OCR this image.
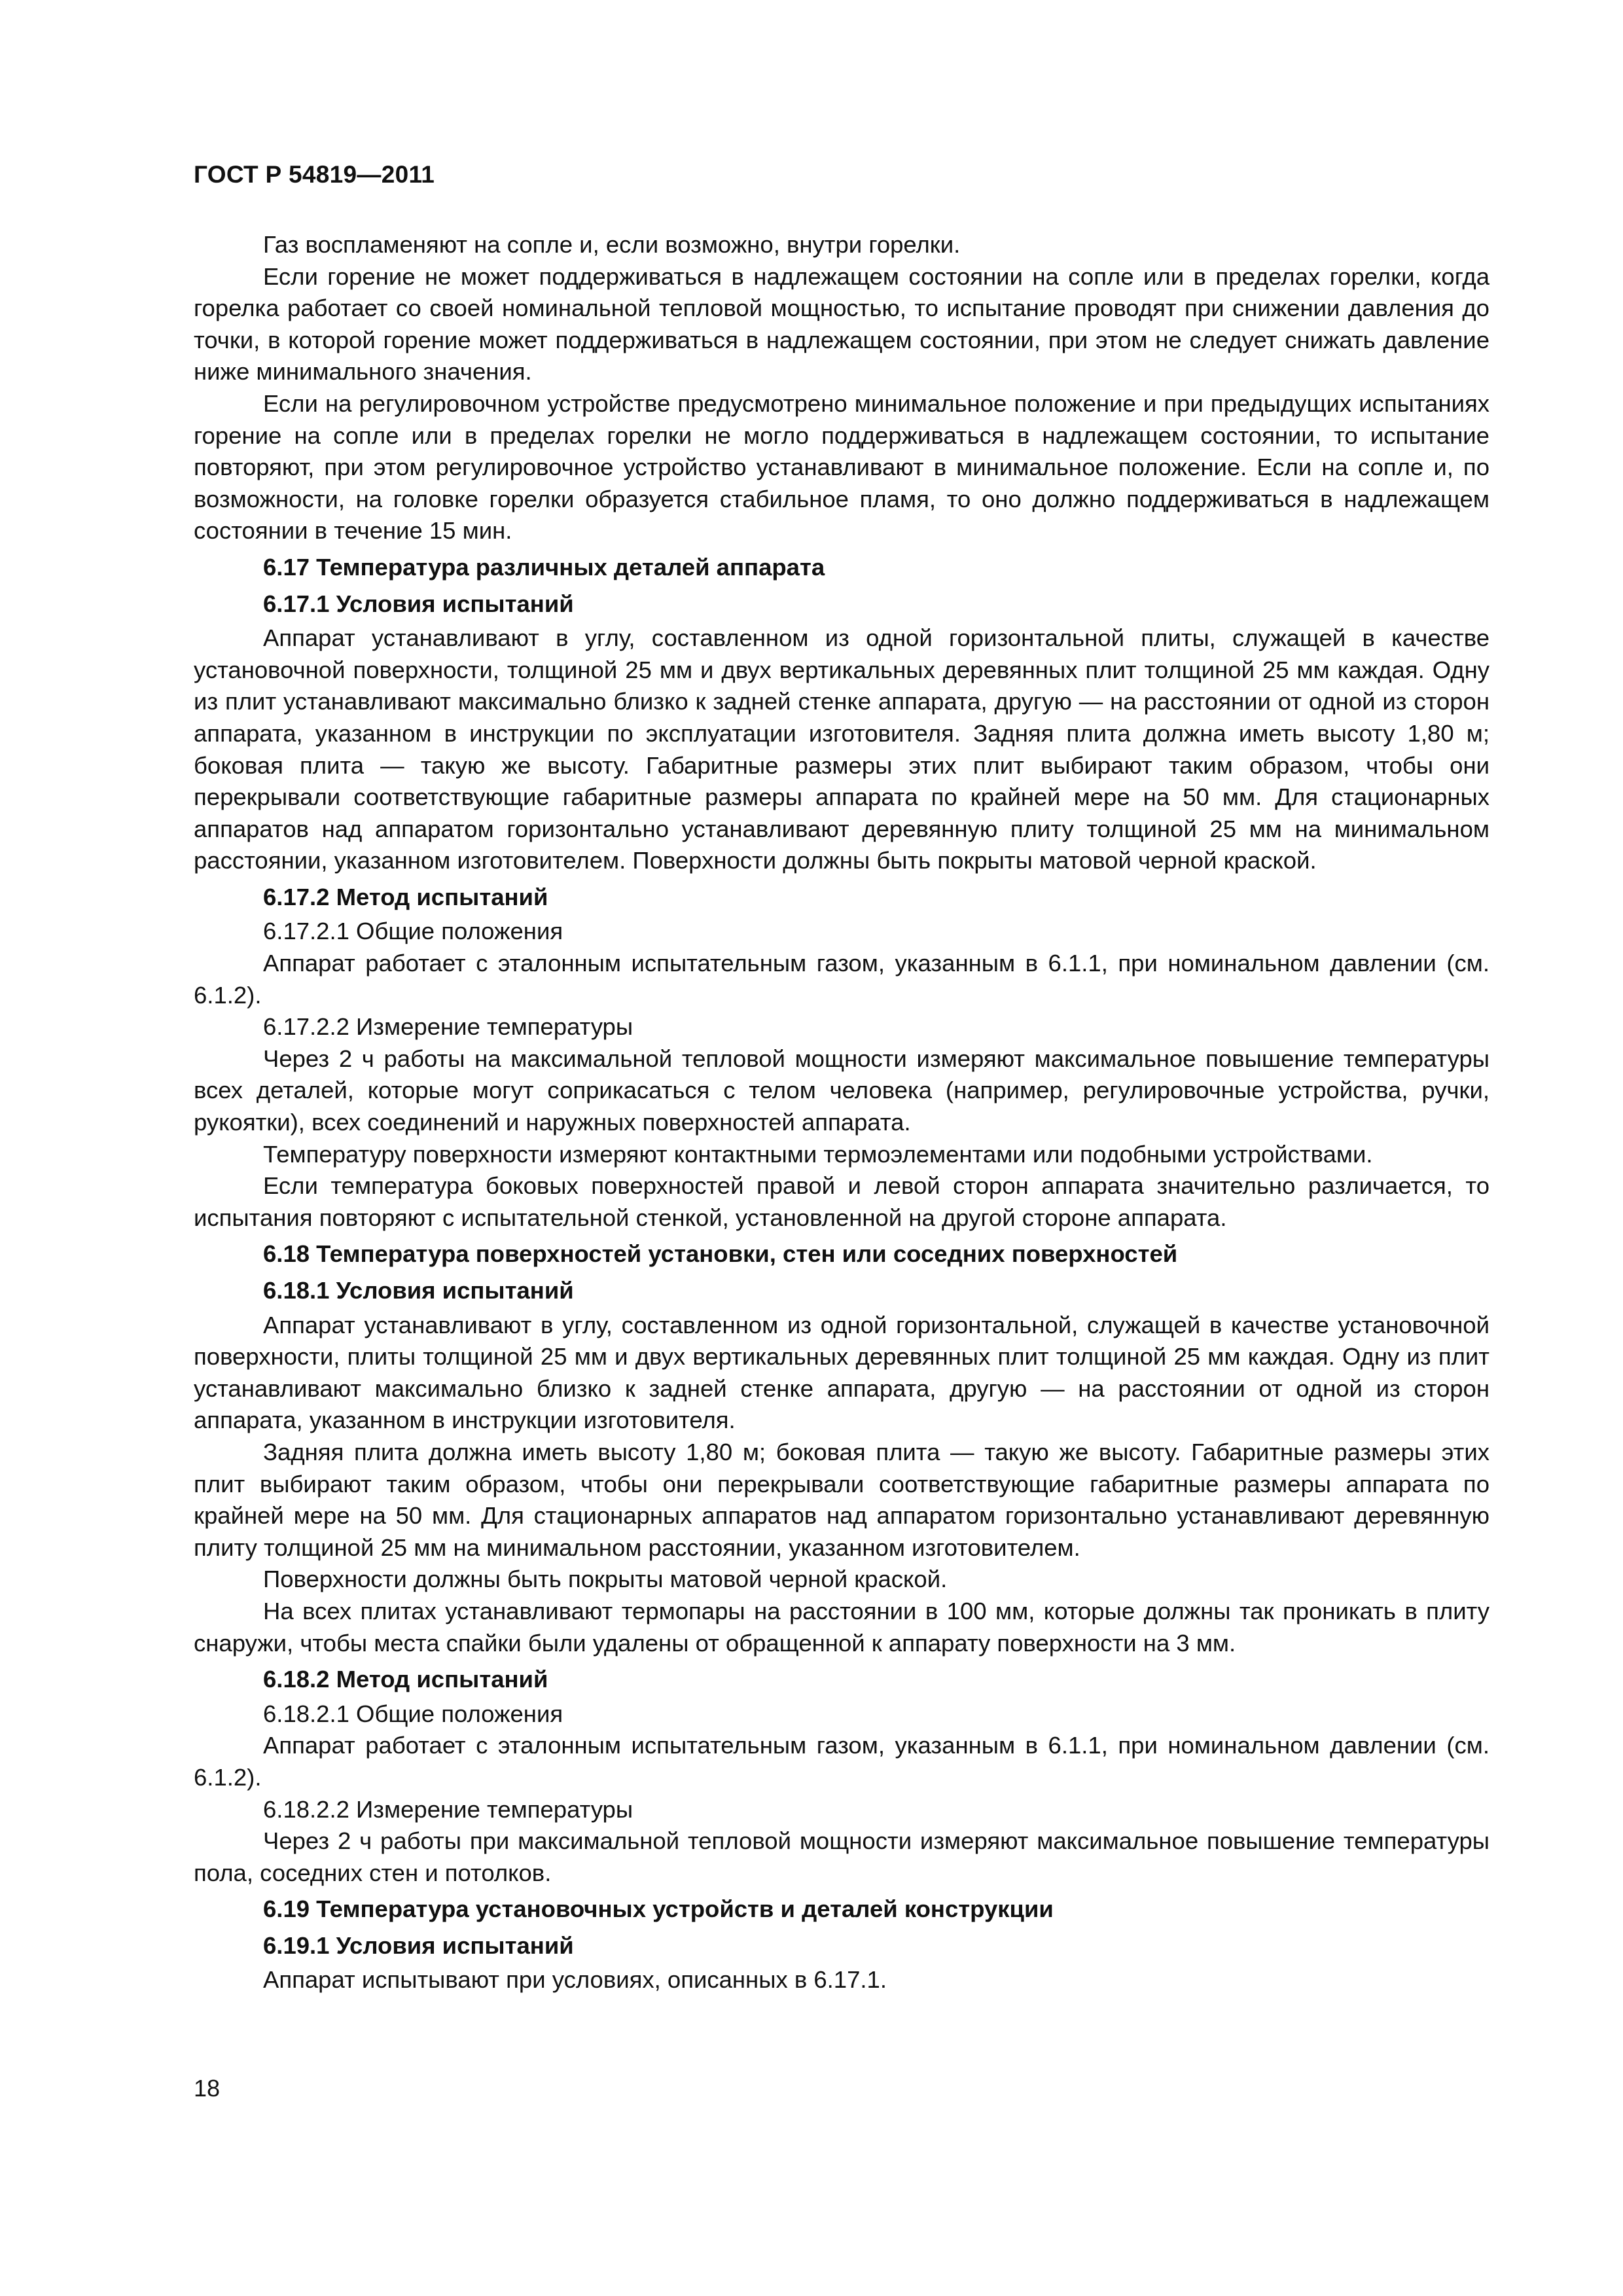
ГОСТ Р 54819—2011

Газ воспламеняют на сопле и, если возможно, внутри горелки.

Если горение не может поддерживаться в надлежащем состоянии на сопле или в пределах горелки, когда горелка работает со своей номинальной тепловой мощностью, то испытание проводят при снижении давления до точки, в которой горение может поддерживаться в надлежащем состоянии, при этом не следует снижать давление ниже минимального значения.

Если на регулировочном устройстве предусмотрено минимальное положение и при предыдущих испытаниях горение на сопле или в пределах горелки не могло поддерживаться в надлежащем состоянии, то испытание повторяют, при этом регулировочное устройство устанавливают в минимальное положение. Если на сопле и, по возможности, на головке горелки образуется стабильное пламя, то оно должно поддерживаться в надлежащем состоянии в течение 15 мин.

6.17 Температура различных деталей аппарата

6.17.1 Условия испытаний

Аппарат устанавливают в углу, составленном из одной горизонтальной плиты, служащей в качестве установочной поверхности, толщиной 25 мм и двух вертикальных деревянных плит толщиной 25 мм каждая. Одну из плит устанавливают максимально близко к задней стенке аппарата, другую — на расстоянии от одной из сторон аппарата, указанном в инструкции по эксплуатации изготовителя. Задняя плита должна иметь высоту 1,80 м; боковая плита — такую же высоту. Габаритные размеры этих плит выбирают таким образом, чтобы они перекрывали соответствующие габаритные размеры аппарата по крайней мере на 50 мм. Для стационарных аппаратов над аппаратом горизонтально устанавливают деревянную плиту толщиной 25 мм на минимальном расстоянии, указанном изготовителем. Поверхности должны быть покрыты матовой черной краской.

6.17.2 Метод испытаний

6.17.2.1 Общие положения

Аппарат работает с эталонным испытательным газом, указанным в 6.1.1, при номинальном давлении (см. 6.1.2).

6.17.2.2 Измерение температуры

Через 2 ч работы на максимальной тепловой мощности измеряют максимальное повышение температуры всех деталей, которые могут соприкасаться с телом человека (например, регулировочные устройства, ручки, рукоятки), всех соединений и наружных поверхностей аппарата.

Температуру поверхности измеряют контактными термоэлементами или подобными устройствами.

Если температура боковых поверхностей правой и левой сторон аппарата значительно различается, то испытания повторяют с испытательной стенкой, установленной на другой стороне аппарата.

6.18 Температура поверхностей установки, стен или соседних поверхностей

6.18.1 Условия испытаний

Аппарат устанавливают в углу, составленном из одной горизонтальной, служащей в качестве установочной поверхности, плиты толщиной 25 мм и двух вертикальных деревянных плит толщиной 25 мм каждая. Одну из плит устанавливают максимально близко к задней стенке аппарата, другую — на расстоянии от одной из сторон аппарата, указанном в инструкции изготовителя.

Задняя плита должна иметь высоту 1,80 м; боковая плита — такую же высоту. Габаритные размеры этих плит выбирают таким образом, чтобы они перекрывали соответствующие габаритные размеры аппарата по крайней мере на 50 мм. Для стационарных аппаратов над аппаратом горизонтально устанавливают деревянную плиту толщиной 25 мм на минимальном расстоянии, указанном изготовителем.

Поверхности должны быть покрыты матовой черной краской.

На всех плитах устанавливают термопары на расстоянии в 100 мм, которые должны так проникать в плиту снаружи, чтобы места спайки были удалены от обращенной к аппарату поверхности на 3 мм.

6.18.2 Метод испытаний

6.18.2.1 Общие положения

Аппарат работает с эталонным испытательным газом, указанным в 6.1.1, при номинальном давлении (см. 6.1.2).

6.18.2.2 Измерение температуры

Через 2 ч работы при максимальной тепловой мощности измеряют максимальное повышение температуры пола, соседних стен и потолков.

6.19 Температура установочных устройств и деталей конструкции

6.19.1 Условия испытаний

Аппарат испытывают при условиях, описанных в 6.17.1.

18
